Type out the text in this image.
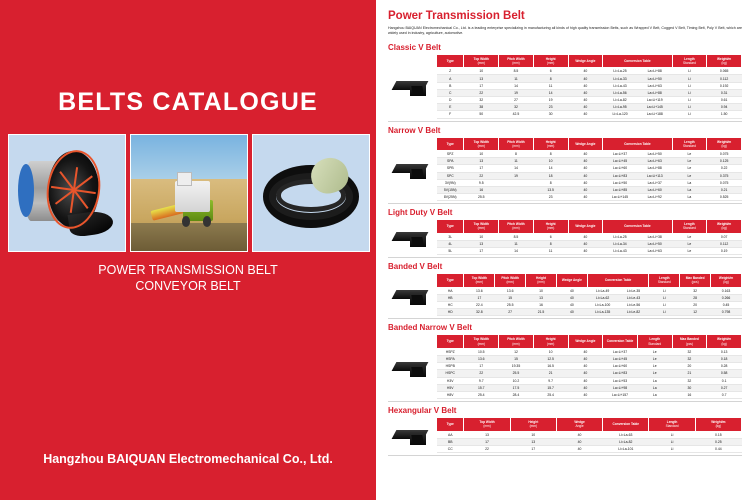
BELTS CATALOGUE
POWER TRANSMISSION BELT
CONVEYOR BELT
Hangzhou BAIQUAN Electromechanical Co., Ltd.
Power Transmission Belt
Hangzhou BAIQUAN Electromechanical Co., Ltd. is a leading enterprise specializing in manufacturing all kinds of high quality transmission Belts, such as Wrapped V Belt, Cogged V Belt, Timing Belt, Poly V Belt, which are widely used in industry, agriculture, automotive.
Classic V Belt
Type	Top Width
(mm)	Pitch Width
(mm)	Height
(mm)	Wedge Angle	Conversion Table		Length
Standard	Weight/m
(kg)

Z	10	8.5	6	40	Li=La-25	La=Li+88	Li	0.065
A	13	11	8	40	Li=La-33	La=Li+50	Li	0.112
B	17	14	11	40	Li=La-43	La=Li+63	Li	0.192
C	22	19	14	40	Li=La-56	La=Li+88	Li	0.31
D	32	27	19	40	Li=La-82	La=Li+119	Li	0.61
E	38	32	23	40	Li=La-95	La=Li+145	Li	0.94
F	50	42.5	30	40	Li=La-120	La=Li+188	Li	1.50
Narrow V Belt
Type	Top Width
(mm)	Pitch Width
(mm)	Height
(mm)	Wedge Angle	Conversion Table		Length
Standard	Weight/m
(kg)

SPZ	10	8	8	40	La=Li+37	La=Li+50	Le	0.075
SPA	13	11	10	40	La=Li+45	La=Li+63	Le	0.125
SPB	17	14	14	40	La=Li+60	La=Li+88	Le	0.22
SPC	22	19	18	40	La=Li+83	La=Li+113	Le	0.375
3V(9N)	9.5		8	40	La=Li+50	La=Li+37	La	0.075
5V(15N)	16		13.5	40	La=Li+85	La=Li+60	La	0.21
8V(25N)	25.5		23	40	La=Li+145	La=Li+92	La	0.525
Light Duty V Belt
Type	Top Width
(mm)	Pitch Width
(mm)	Height
(mm)	Wedge Angle	Conversion Table		Length
Standard	Weight/m
(kg)

3L	10	8.5	6	40	Li=La-25	La=Li+38	Le	0.07
4L	13	11	8	40	Li=La-34	La=Li+50	Le	0.112
5L	17	14	11	40	Li=La-43	La=Li+63	Le	0.19
Banded V Belt
Type	Top Width
(mm)	Pitch Width
(mm)	Height
(mm)	Wedge Angle	Conversion Table		Length
Standard	Max Banded
(pcs)	Weight/m
(kg)

HA	13.6	13.6	10	40	Li=La-49	Li=Le-35	Li	32	0.163
HB	17	15	13	40	Li=La-62	Li=Le-43	Li	28	0.266
HC	22.4	25.5	16	40	Li=La-100	Li=Le-56	Li	20	0.45
HD	32.8	27	21.5	40	Li=La-135	Li=Le-82	Li	12	0.798
Banded Narrow V Belt
Type	Top Width
(mm)	Pitch Width
(mm)	Height
(mm)	Wedge Angle	Conversion Table	Length
Standard	Max Banded
(pcs)	Weight/m
(kg)

HSPZ	10.5	12	10	40	La=Li+37	Le	32	0.13
HSPA	13.6	15	12.5	40	La=Li+45	Le	32	0.18
HSPB	17	19.35	16.5	40	La=Li+60	Le	20	0.28
HSPC	22	25.5	21	40	La=Li+83	Le	21	0.58
H3V	9.7	10.2	9.7	40	La=Li+53	La	32	0.1
H5V	15.7	17.5	15.7	40	La=Li+98	La	30	0.27
H8V	25.4	28.4	25.4	40	La=Li+157	La	16	0.7
Hexangular V Belt
Type	Top Width
(mm)	Height
(mm)	Wedge
Angle	Conversion Table	Length
Standard	Weight/m
(kg)

AA	13	10	40	Li=La-63	Li	0.15
BB	17	13	40	Li=La-82	Li	0.25
CC	22	17	40	Li=La-101	Li	0.44
